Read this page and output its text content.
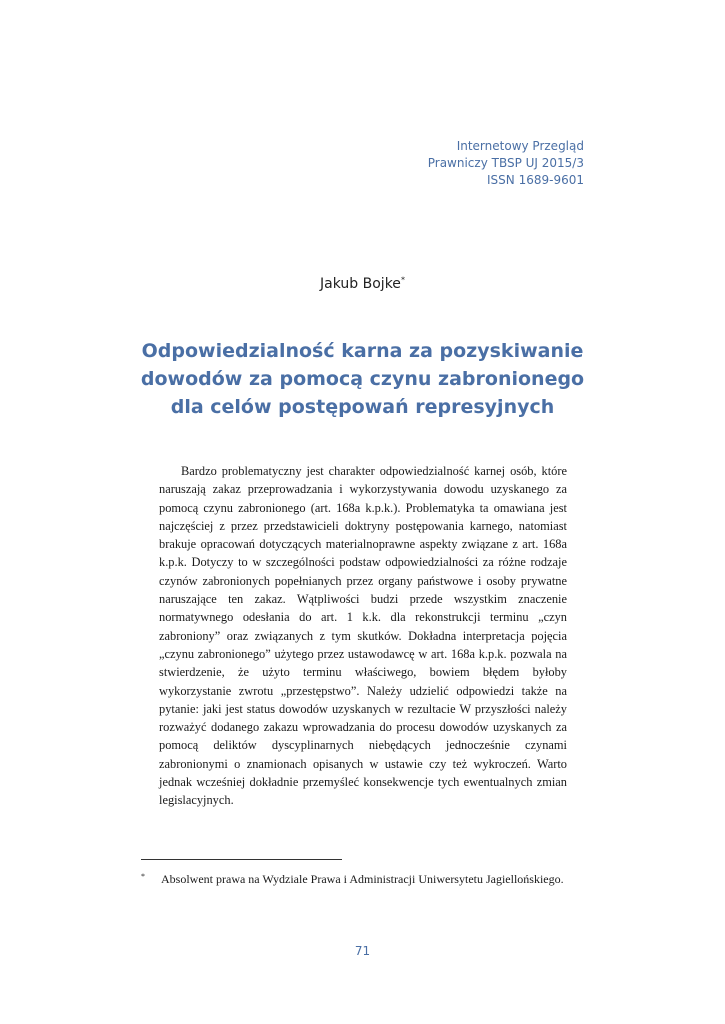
Internetowy Przegląd
Prawniczy TBSP UJ 2015/3
ISSN 1689-9601
Jakub Bojke*
Odpowiedzialność karna za pozyskiwanie
dowodów za pomocą czynu zabronionego
dla celów postępowań represyjnych

Bardzo problematyczny jest charakter odpowiedzialność karnej osób, które naruszają zakaz przeprowadzania i wykorzystywania dowodu uzyskanego za pomocą czynu zabronionego (art. 168a k.p.k.). Problematyka ta omawiana jest najczęściej z przez przedstawicieli doktryny postępowania karnego, natomiast brakuje opracowań dotyczących materialnoprawne aspekty związane z art. 168a k.p.k. Dotyczy to w szczególności podstaw odpowiedzialności za różne rodzaje czynów zabronionych popełnianych przez organy państwowe i osoby prywatne naruszające ten zakaz. Wątpliwości budzi przede wszystkim znaczenie normatywnego odesłania do art. 1 k.k. dla rekonstrukcji terminu „czyn zabroniony” oraz związanych z tym skutków. Dokładna interpretacja pojęcia „czynu zabronionego” użytego przez ustawodawcę w art. 168a k.p.k. pozwala na stwierdzenie, że użyto terminu właściwego, bowiem błędem byłoby wykorzystanie zwrotu „przestępstwo”. Należy udzielić odpowiedzi także na pytanie: jaki jest status dowodów uzyskanych w rezultacie W przyszłości należy rozważyć dodanego zakazu wprowadzania do procesu dowodów uzyskanych za pomocą deliktów dyscyplinarnych niebędących jednocześnie czynami zabronionymi o znamionach opisanych w ustawie czy też wykroczeń. Warto jednak wcześniej dokładnie przemyśleć konsekwencje tych ewentualnych zmian legislacyjnych.

* Absolwent prawa na Wydziale Prawa i Administracji Uniwersytetu Jagiellońskiego.
71
